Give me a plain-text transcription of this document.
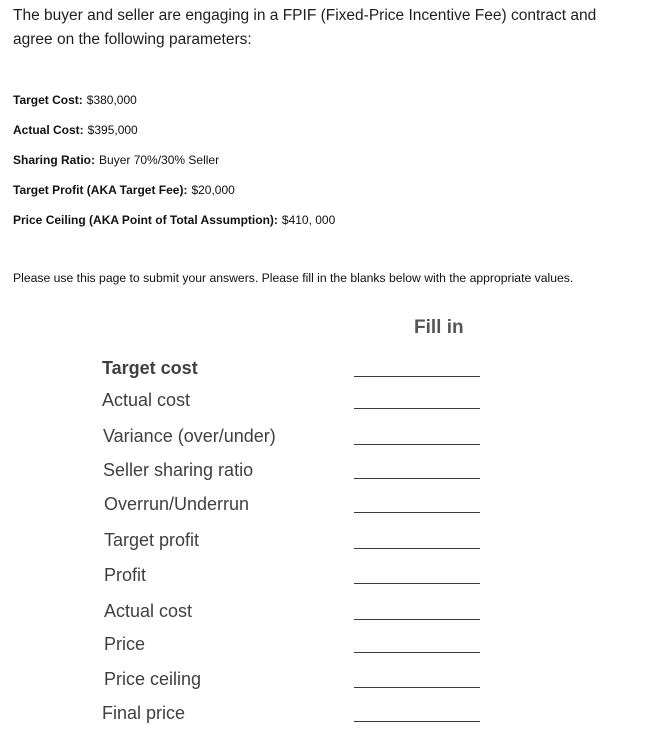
The buyer and seller are engaging in a FPIF (Fixed-Price Incentive Fee) contract and agree on the following parameters:

Target Cost: $380,000
Actual Cost: $395,000
Sharing Ratio: Buyer 70%/30% Seller
Target Profit (AKA Target Fee): $20,000
Price Ceiling (AKA Point of Total Assumption): $410, 000

Please use this page to submit your answers. Please fill in the blanks below with the appropriate values.

Fill in
Target cost
Actual cost
Variance (over/under)
Seller sharing ratio
Overrun/Underrun
Target profit
Profit
Actual cost
Price
Price ceiling
Final price
